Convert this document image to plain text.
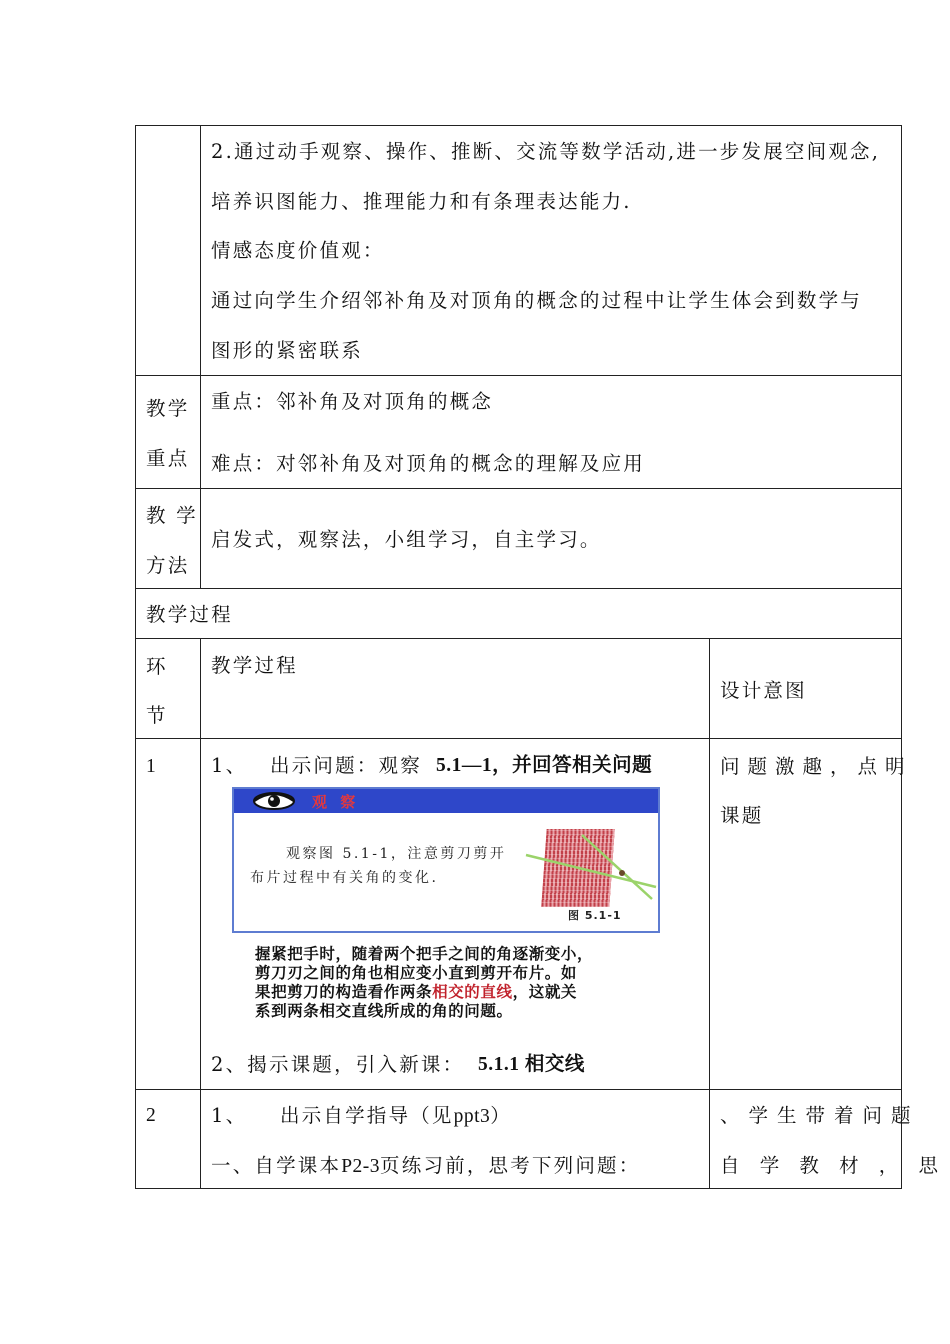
2.通过动手观察、操作、推断、交流等数学活动,进一步发展空间观念,
培养识图能力、推理能力和有条理表达能力.
情感态度价值观：
通过向学生介绍邻补角及对顶角的概念的过程中让学生体会到数学与
图形的紧密联系
教学
重点
重点：邻补角及对顶角的概念
难点：对邻补角及对顶角的概念的理解及应用
教 学
方法
启发式，观察法，小组学习，自主学习。
教学过程
环
节
教学过程
设计意图
1	1、 出示问题：观察 5.1—1，并回答相关问题
观 察
观察图 5.1-1，注意剪刀剪开
布片过程中有关角的变化.
图 5.1-1
握紧把手时，随着两个把手之间的角逐渐变小，
剪刀刃之间的角也相应变小直到剪开布片。如
果把剪刀的构造看作两条相交的直线，这就关
系到两条相交直线所成的角的问题。
2、揭示课题，引入新课： 5.1.1 相交线
问题激趣，点明
课题
2	1、 出示自学指导（见ppt3）
一、自学课本P2-3页练习前，思考下列问题：
、学生带着问题
自 学 教 材 ， 思
